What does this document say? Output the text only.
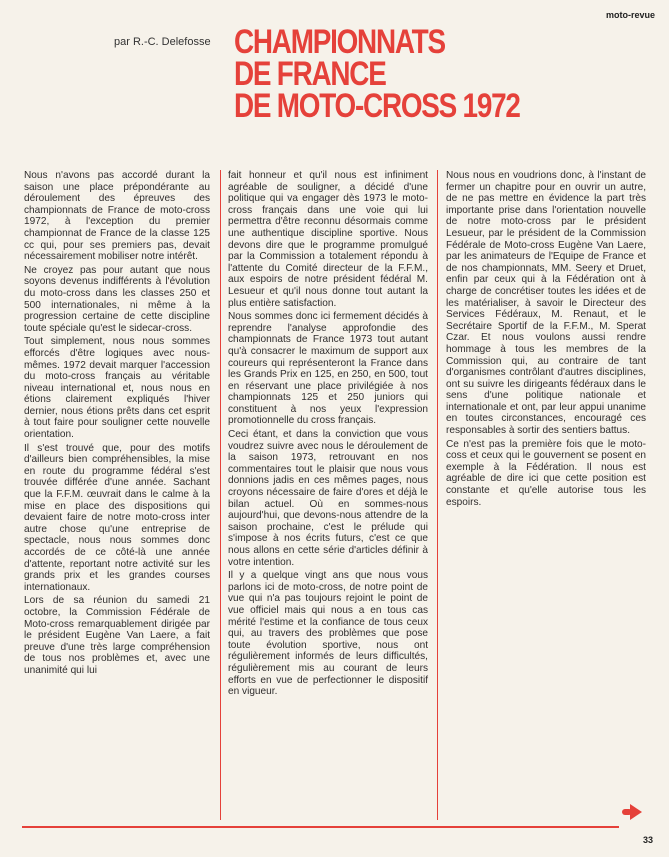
moto-revue
par R.-C. Delefosse CHAMPIONNATS
DE FRANCE
DE MOTO-CROSS 1972

Nous n'avons pas accordé durant la saison une place prépondérante au déroulement des épreuves des championnats de France de moto-cross 1972, à l'exception du premier championnat de France de la classe 125 cc qui, pour ses premiers pas, devait nécessairement mobiliser notre intérêt.

Ne croyez pas pour autant que nous soyons devenus indifférents à l'évolution du moto-cross dans les classes 250 et 500 internationales, ni même à la progression certaine de cette discipline toute spéciale qu'est le sidecar-cross.

Tout simplement, nous nous sommes efforcés d'être logiques avec nous-mêmes. 1972 devait marquer l'accession du moto-cross français au véritable niveau international et, nous nous en étions clairement expliqués l'hiver dernier, nous étions prêts dans cet esprit à tout faire pour souligner cette nouvelle orientation.

Il s'est trouvé que, pour des motifs d'ailleurs bien compréhensibles, la mise en route du programme fédéral s'est trouvée différée d'une année. Sachant que la F.F.M. œuvrait dans le calme à la mise en place des dispositions qui devaient faire de notre moto-cross inter autre chose qu'une entreprise de spectacle, nous nous sommes donc accordés de ce côté-là une année d'attente, reportant notre activité sur les grands prix et les grandes courses internationaux.

Lors de sa réunion du samedi 21 octobre, la Commission Fédérale de Moto-cross remarquablement dirigée par le président Eugène Van Laere, a fait preuve d'une très large compréhension de tous nos problèmes et, avec une unanimité qui lui

fait honneur et qu'il nous est infiniment agréable de souligner, a décidé d'une politique qui va engager dès 1973 le moto-cross français dans une voie qui lui permettra d'être reconnu désormais comme une authentique discipline sportive. Nous devons dire que le programme promulgué par la Commission a totalement répondu à l'attente du Comité directeur de la F.F.M., aux espoirs de notre président fédéral M. Lesueur et qu'il nous donne tout autant la plus entière satisfaction.

Nous sommes donc ici fermement décidés à reprendre l'analyse approfondie des championnats de France 1973 tout autant qu'à consacrer le maximum de support aux coureurs qui représenteront la France dans les Grands Prix en 125, en 250, en 500, tout en réservant une place privilégiée à nos championnats 125 et 250 juniors qui constituent à nos yeux l'expression promotionnelle du cross français.

Ceci étant, et dans la conviction que vous voudrez suivre avec nous le déroulement de la saison 1973, retrouvant en nos commentaires tout le plaisir que nous vous donnions jadis en ces mêmes pages, nous croyons nécessaire de faire d'ores et déjà le bilan actuel. Où en sommes-nous aujourd'hui, que devons-nous attendre de la saison prochaine, c'est le prélude qui s'impose à nos écrits futurs, c'est ce que nous allons en cette série d'articles définir à votre intention.

Il y a quelque vingt ans que nous vous parlons ici de moto-cross, de notre point de vue qui n'a pas toujours rejoint le point de vue officiel mais qui nous a en tous cas mérité l'estime et la confiance de tous ceux qui, au travers des problèmes que pose toute évolution sportive, nous ont régulièrement informés de leurs difficultés, régulièrement mis au courant de leurs efforts en vue de perfectionner le dispositif en vigueur.

Nous nous en voudrions donc, à l'instant de fermer un chapitre pour en ouvrir un autre, de ne pas mettre en évidence la part très importante prise dans l'orientation nouvelle de notre moto-cross par le président Lesueur, par le président de la Commission Fédérale de Moto-cross Eugène Van Laere, par les animateurs de l'Equipe de France et de nos championnats, MM. Seery et Druet, enfin par ceux qui à la Fédération ont à charge de concrétiser toutes les idées et de les matérialiser, à savoir le Directeur des Services Fédéraux, M. Renaut, et le Secrétaire Sportif de la F.F.M., M. Sperat Czar. Et nous voulons aussi rendre hommage à tous les membres de la Commission qui, au contraire de tant d'organismes contrôlant d'autres disciplines, ont su suivre les dirigeants fédéraux dans le sens d'une politique nationale et internationale et ont, par leur appui unanime en toutes circonstances, encouragé ces responsables à sortir des sentiers battus.

Ce n'est pas la première fois que le moto-coss et ceux qui le gouvernent se posent en exemple à la Fédération. Il nous est agréable de dire ici que cette position est constante et qu'elle autorise tous les espoirs.

33
